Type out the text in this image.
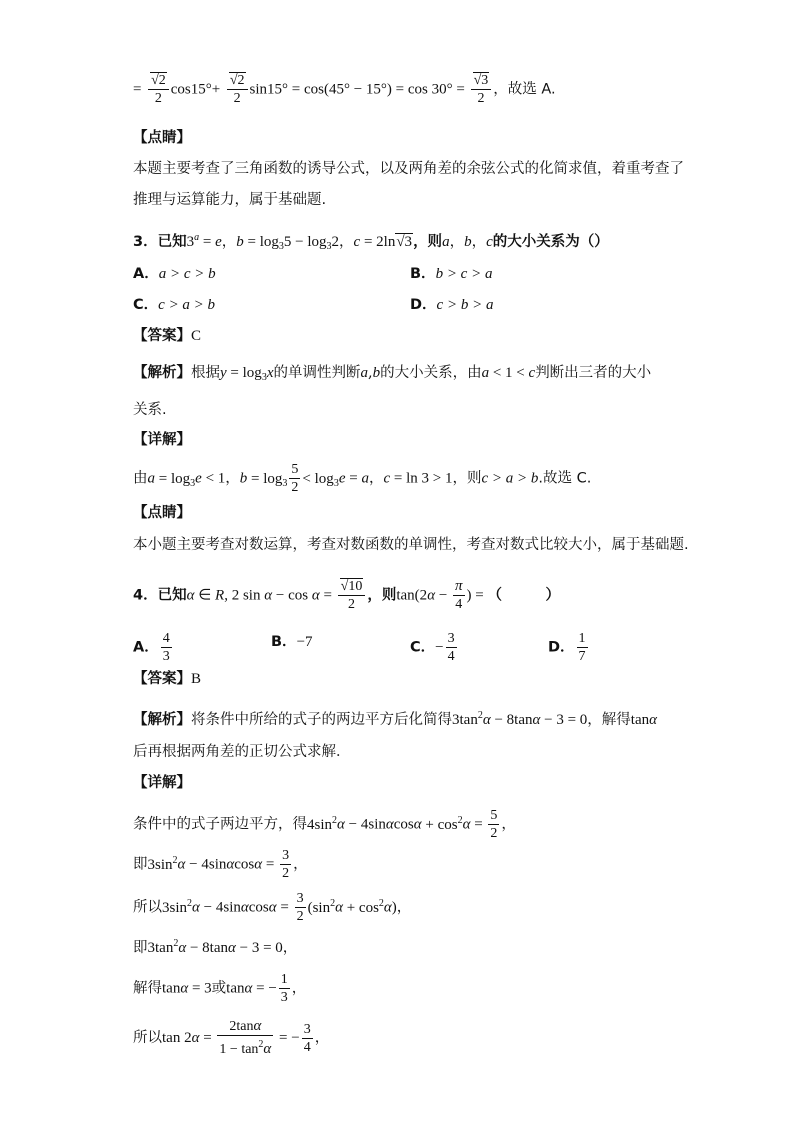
= $\frac{√2}{2} \cos 15^\circ+ \frac{√2}{2} \sin 15^\circ = \cos(45^\circ - 15^\circ) = \cos 30^\circ = \frac{√3}{2}$ ，故选 A.
【点睛】
本题主要考查了三角函数的诱导公式，以及两角差的余弦公式的化简求值，着重考查了
推理与运算能力，属于基础题.
3．已知$3^a = e$，$b = \log_35 - \log_32$，c = 2ln√3，则a，b，c的大小关系为（）
A．a > c > b	B．b > c > a
C．c > a > b	D．c > b > a
【答案】C
【解析】根据$y = \log_3x$的单调性判断a,b的大小关系，由a < 1 < c判断出三者的大小
关系.
【详解】
由$a = \log_3e < 1$，$b = \log_3 \frac{5}{2} < \log_3e = a$，c = ln 3 > 1，则c > a > b.故选 C.
【点睛】
本小题主要考查对数运算，考查对数函数的单调性，考查对数式比较大小，属于基础题.
4．已知α ∈ R, 2 $\sin \alpha - \cos \alpha = \frac{√10}{2}$ ，则$\tan(2\alpha - \frac{\pi}{4}$ ) = （　　　）
A． $\frac{4}{3}$	B．−7	C．− $\frac{3}{4}$	D． $\frac{1}{7}$
【答案】B
【解析】将条件中所给的式子的两边平方后化简得$3\tan^2\alpha - 8\tan\alpha - 3 = 0$，解得tanα
后再根据两角差的正切公式求解．
【详解】
条件中的式子两边平方，得$4\sin^2\alpha - 4\sin\alpha\cos\alpha + \cos^2\alpha = \frac{5}{2}$ ，
即$3\sin^2\alpha - 4\sin\alpha\cos\alpha = \frac{3}{2}$ ，
所以$3\sin^2\alpha - 4\sin\alpha\cos\alpha = \frac{3}{2} (\sin^2\alpha + \cos^2\alpha)$，
即$3\tan^2\alpha - 8\tan\alpha - 3 = 0$，
解得tanα = 3或tanα = − $\frac{1}{3}$ ，
所以$\tan 2\alpha = \frac{2\tan\alpha}{1 - \tan^2\alpha}$ = − $\frac{3}{4}$ ，
